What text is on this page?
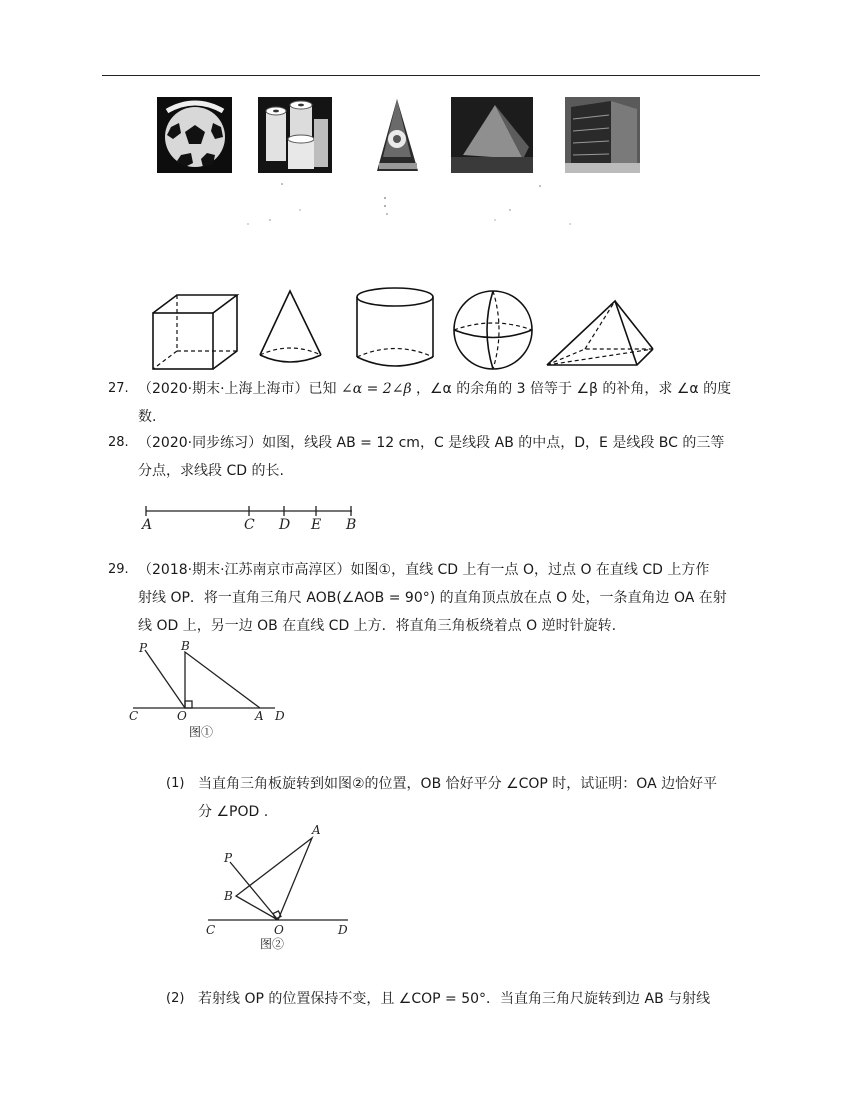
27. （2020·期末·上海上海市）已知 ∠α = 2∠β ，∠α 的余角的 3 倍等于 ∠β 的补角，求 ∠α 的度
数.
28. （2020·同步练习）如图，线段 AB = 12 cm，C 是线段 AB 的中点，D，E 是线段 BC 的三等
分点，求线段 CD 的长.
A	C D E B
29. （2018·期末·江苏南京市高淳区）如图①，直线 CD 上有一点 O，过点 O 在直线 CD 上方作
射线 OP．将一直角三角尺 AOB(∠AOB = 90°) 的直角顶点放在点 O 处，一条直角边 OA 在射
线 OD 上，另一边 OB 在直线 CD 上方．将直角三角板绕着点 O 逆时针旋转.
P	B
C	O	A D
图①
(1) 当直角三角板旋转到如图②的位置，OB 恰好平分 ∠COP 时，试证明：OA 边恰好平
分 ∠POD .
A
P
B
C	O	D
图②
(2) 若射线 OP 的位置保持不变，且 ∠COP = 50°．当直角三角尺旋转到边 AB 与射线
